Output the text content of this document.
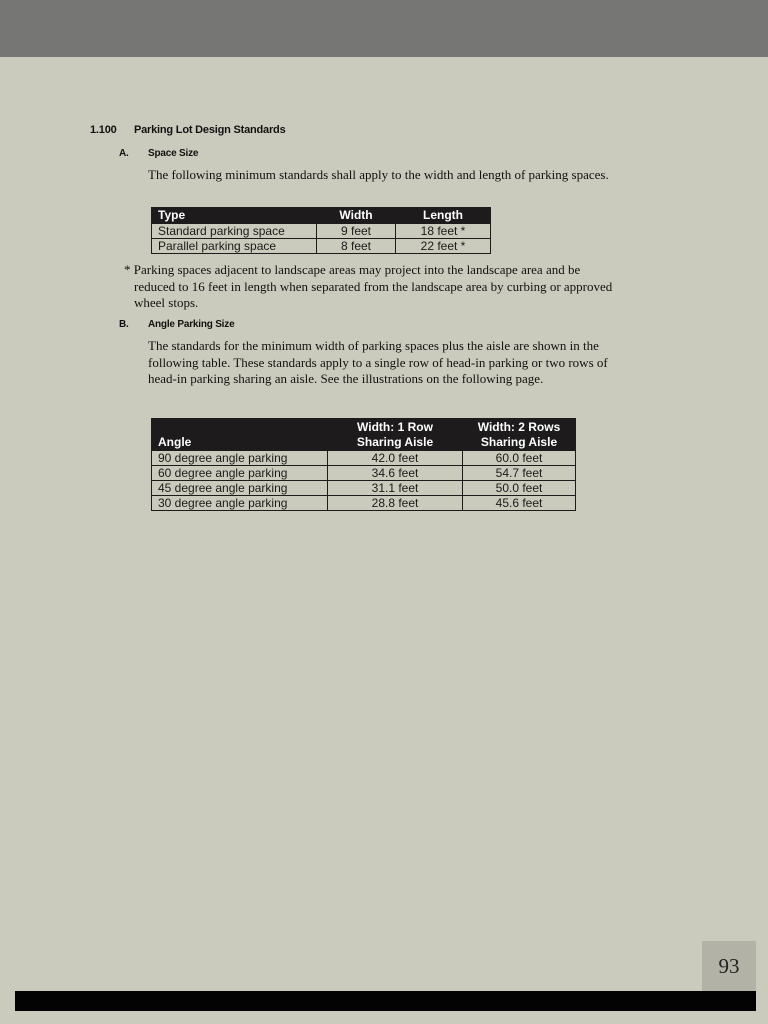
1.100 Parking Lot Design Standards
A. Space Size
The following minimum standards shall apply to the width and length of parking spaces.
Type	Width	Length
Standard parking space	9 feet	18 feet *
Parallel parking space	8 feet	22 feet *
* Parking spaces adjacent to landscape areas may project into the landscape area and be reduced to 16 feet in length when separated from the landscape area by curbing or approved wheel stops.
B. Angle Parking Size
The standards for the minimum width of parking spaces plus the aisle are shown in the following table. These standards apply to a single row of head-in parking or two rows of head-in parking sharing an aisle. See the illustrations on the following page.
Angle	Width: 1 Row Sharing Aisle	Width: 2 Rows Sharing Aisle
90 degree angle parking	42.0 feet	60.0 feet
60 degree angle parking	34.6 feet	54.7 feet
45 degree angle parking	31.1 feet	50.0 feet
30 degree angle parking	28.8 feet	45.6 feet
93
